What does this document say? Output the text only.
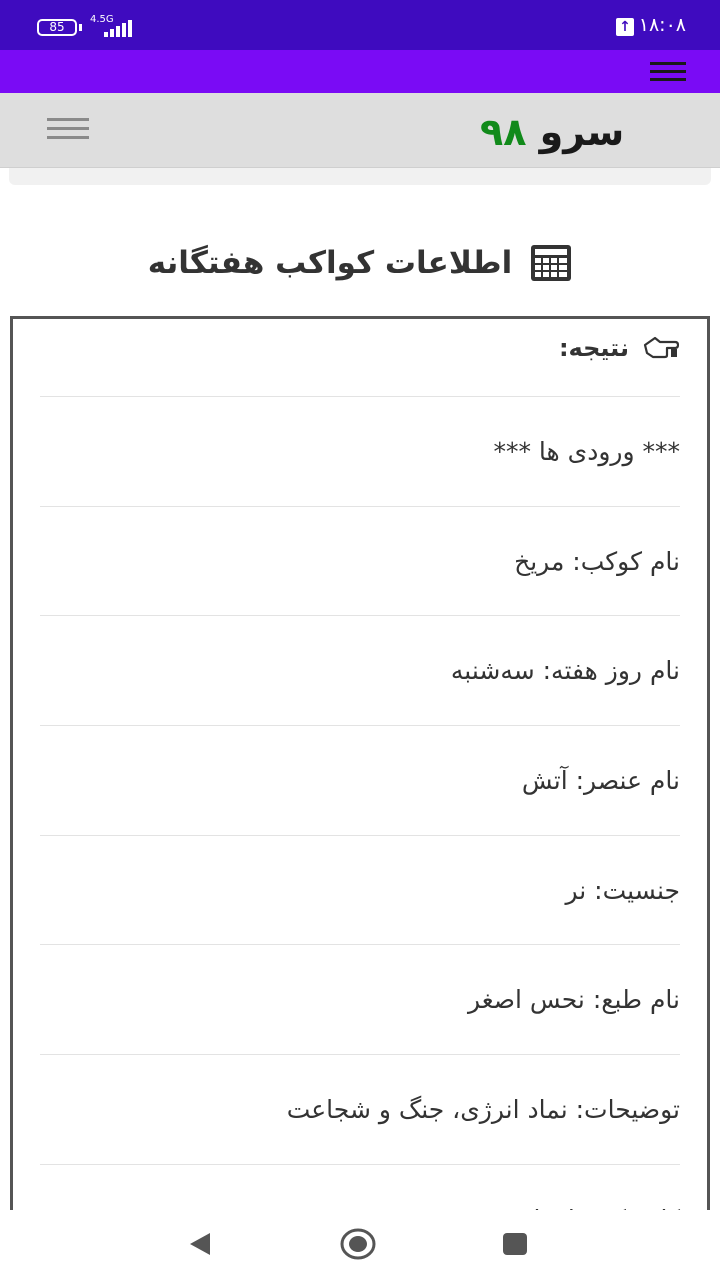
85
4.5G	↑ ۱۸:۰۸
۹۸ سرو
اطلاعات کواکب هفتگانه
نتیجه:
*** ورودی ها ***
نام کوکب: مریخ
نام روز هفته: سه‌شنبه
نام عنصر: آتش
جنسیت: نر
نام طبع: نحس اصغر
توضیحات: نماد انرژی، جنگ و شجاعت
